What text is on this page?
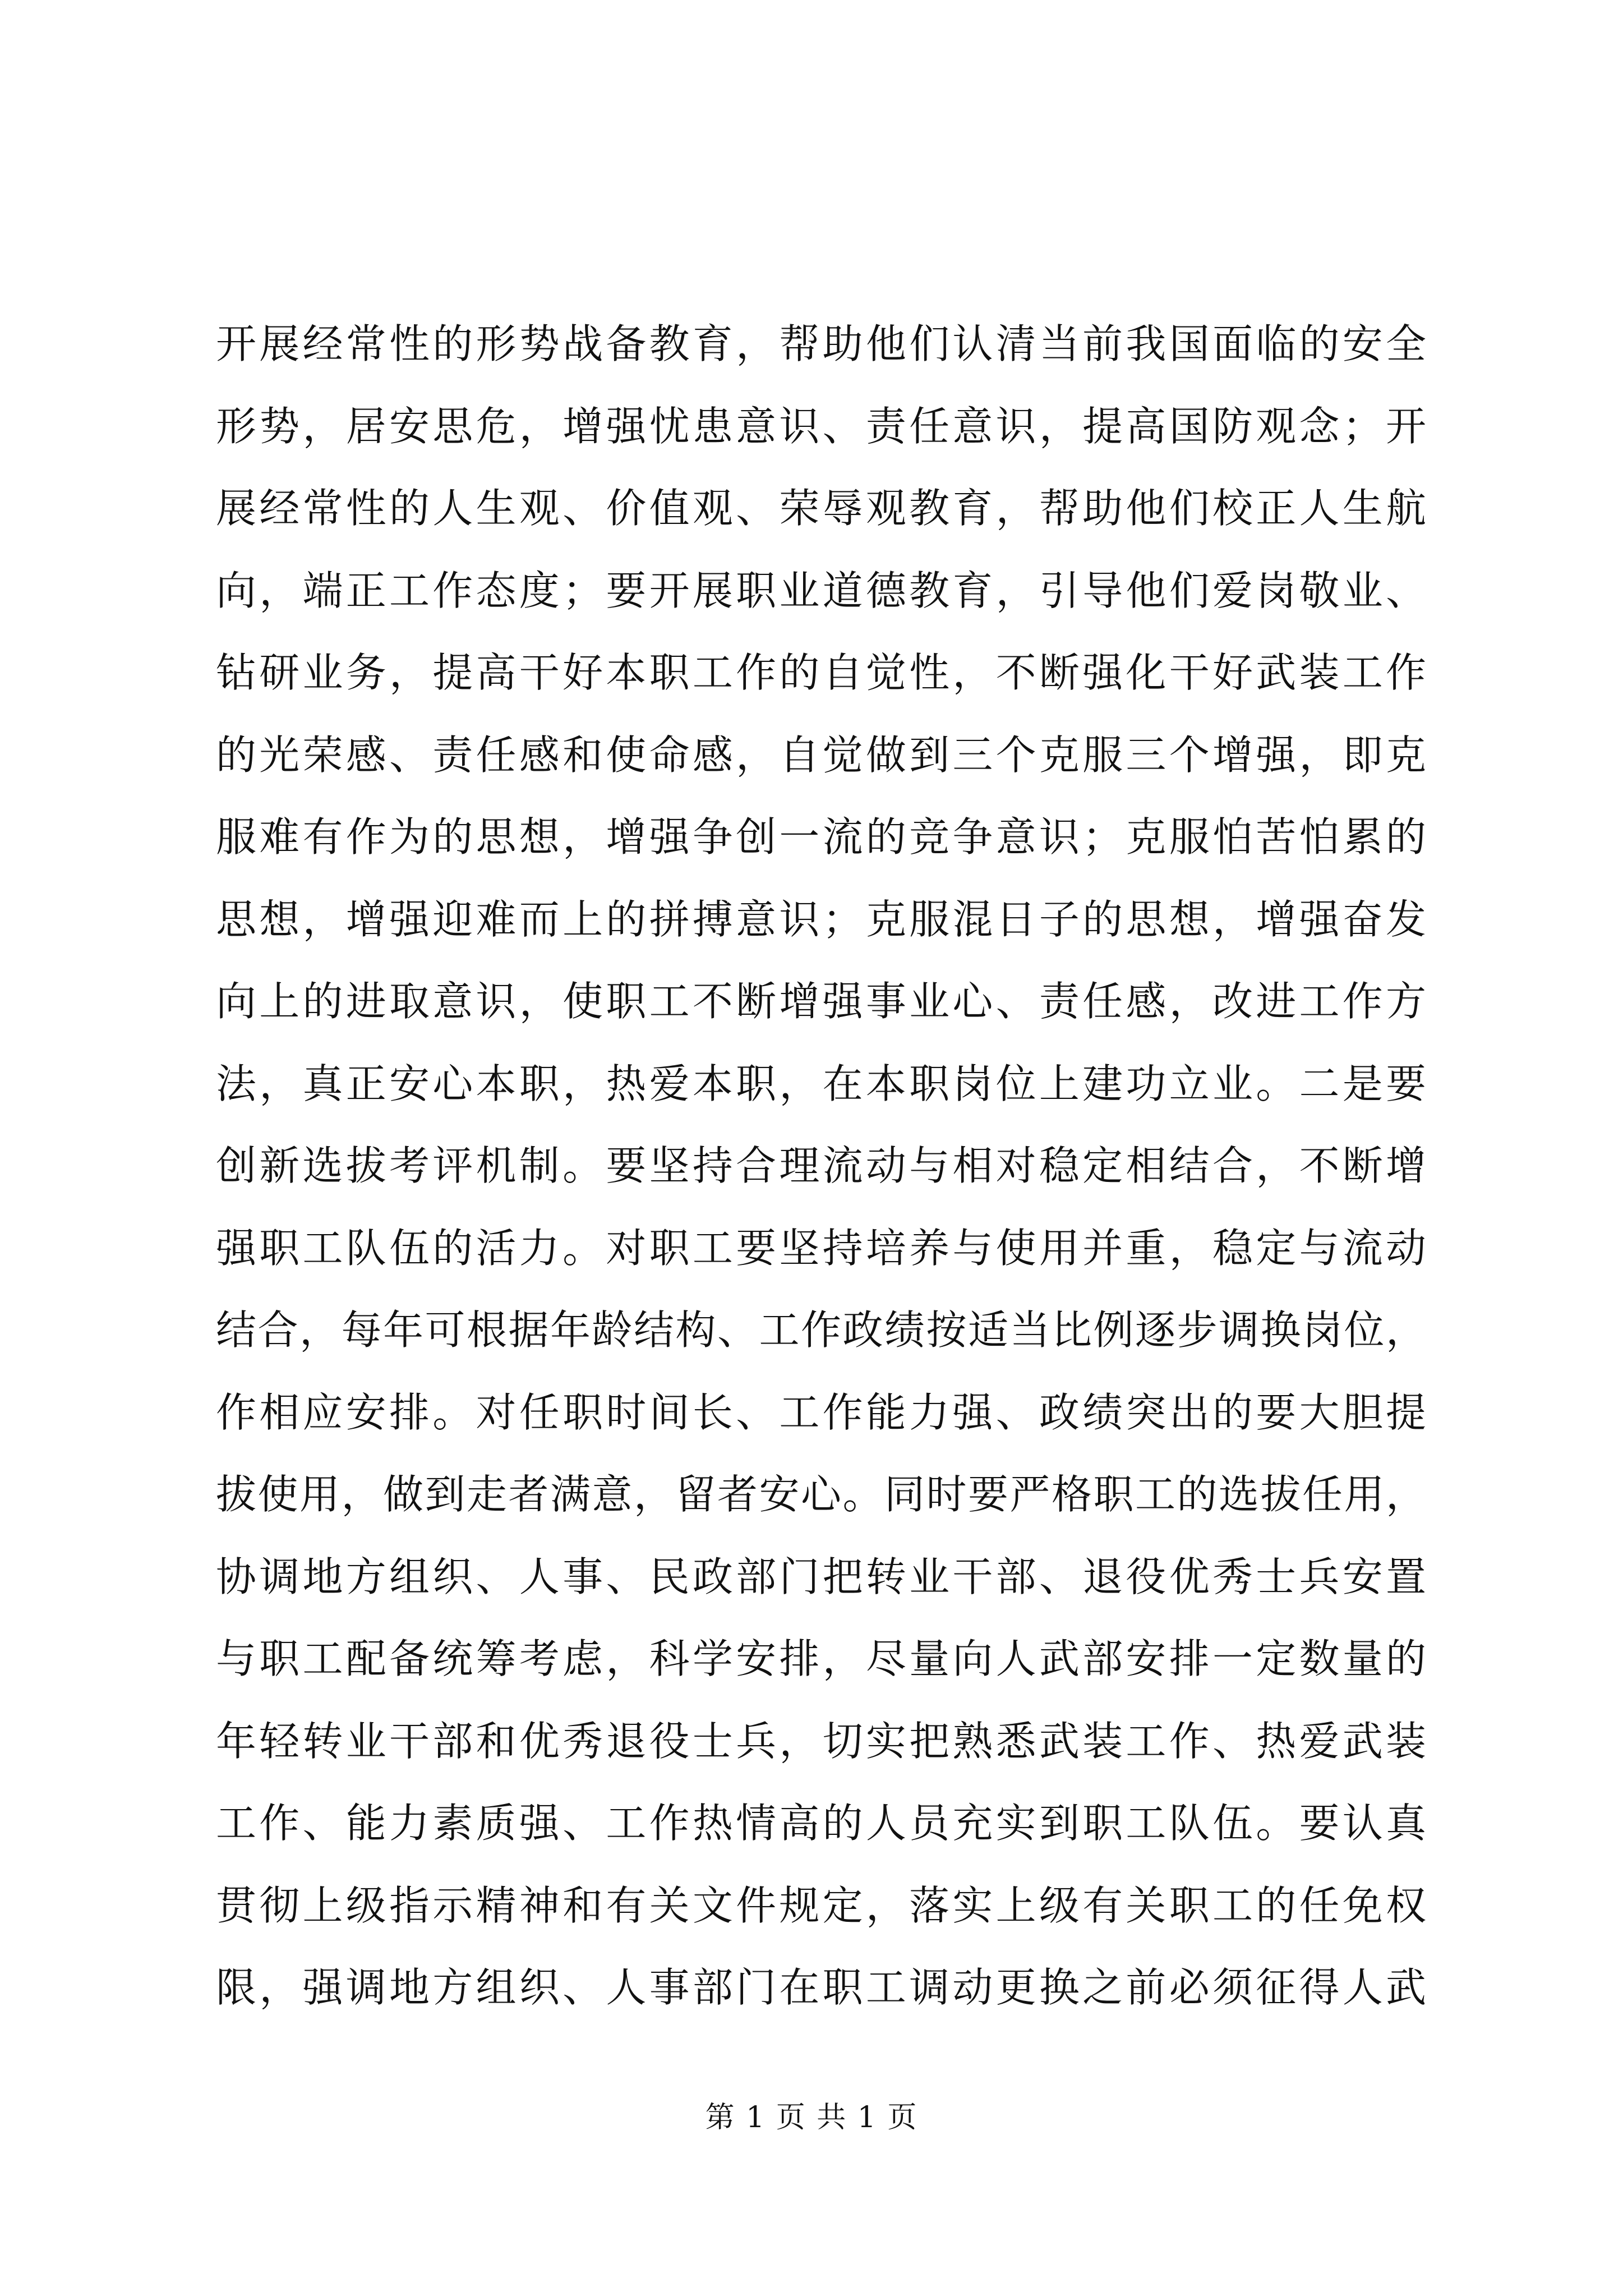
开展经常性的形势战备教育，帮助他们认清当前我国面临的安全
形势，居安思危，增强忧患意识、责任意识，提高国防观念；开
展经常性的人生观、价值观、荣辱观教育，帮助他们校正人生航
向，端正工作态度；要开展职业道德教育，引导他们爱岗敬业、
钻研业务，提高干好本职工作的自觉性，不断强化干好武装工作
的光荣感、责任感和使命感，自觉做到三个克服三个增强，即克
服难有作为的思想，增强争创一流的竞争意识；克服怕苦怕累的
思想，增强迎难而上的拼搏意识；克服混日子的思想，增强奋发
向上的进取意识，使职工不断增强事业心、责任感，改进工作方
法，真正安心本职，热爱本职，在本职岗位上建功立业。二是要
创新选拔考评机制。要坚持合理流动与相对稳定相结合，不断增
强职工队伍的活力。对职工要坚持培养与使用并重，稳定与流动
结合，每年可根据年龄结构、工作政绩按适当比例逐步调换岗位，
作相应安排。对任职时间长、工作能力强、政绩突出的要大胆提
拔使用，做到走者满意，留者安心。同时要严格职工的选拔任用，
协调地方组织、人事、民政部门把转业干部、退役优秀士兵安置
与职工配备统筹考虑，科学安排，尽量向人武部安排一定数量的
年轻转业干部和优秀退役士兵，切实把熟悉武装工作、热爱武装
工作、能力素质强、工作热情高的人员充实到职工队伍。要认真
贯彻上级指示精神和有关文件规定，落实上级有关职工的任免权
限，强调地方组织、人事部门在职工调动更换之前必须征得人武
第 1 页 共 1 页
